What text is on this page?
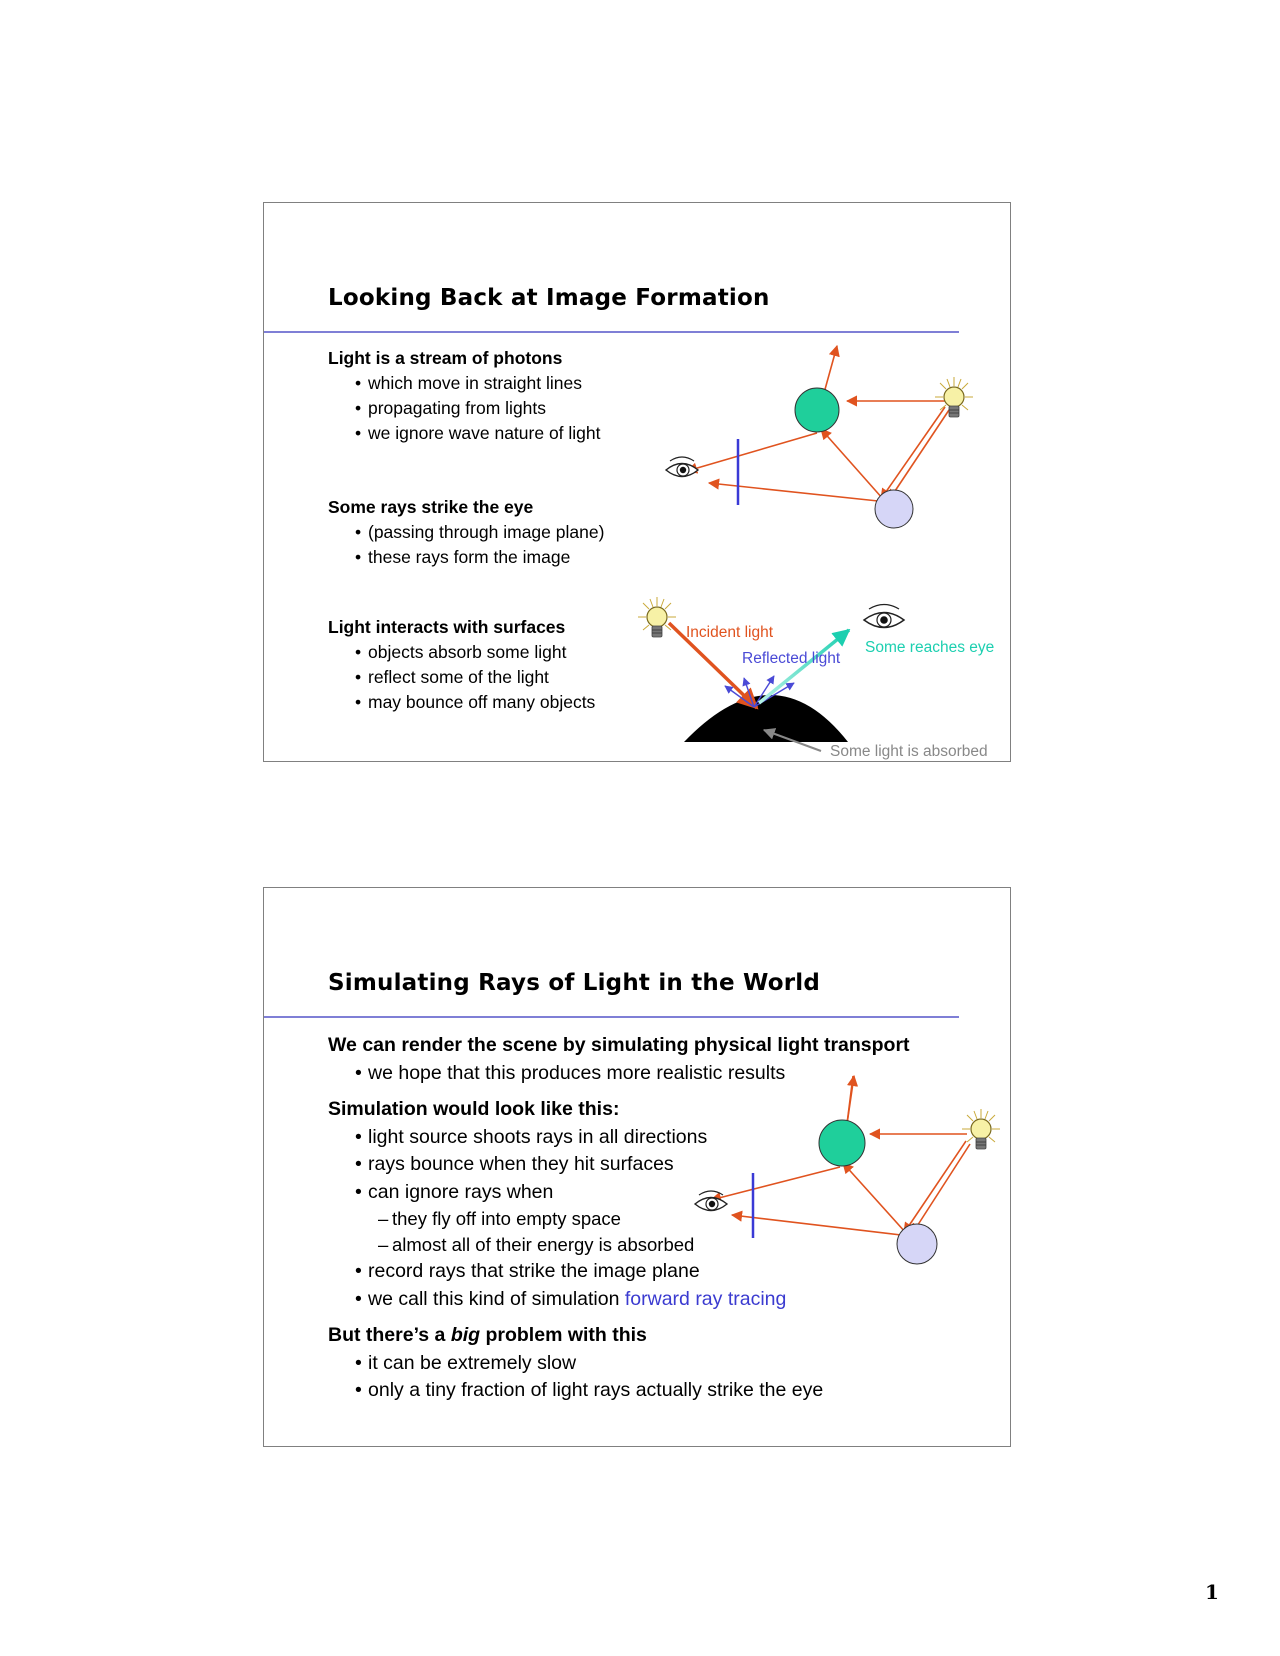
Looking Back at Image Formation
Light is a stream of photons
• which move in straight lines
• propagating from lights
• we ignore wave nature of light
Some rays strike the eye
• (passing through image plane)
• these rays form the image
Light interacts with surfaces
• objects absorb some light
• reflect some of the light
• may bounce off many objects
Incident light
Reflected light
Some reaches eye
Some light is absorbed
Simulating Rays of Light in the World
We can render the scene by simulating physical light transport
• we hope that this produces more realistic results
Simulation would look like this:
• light source shoots rays in all directions
• rays bounce when they hit surfaces
• can ignore rays when
– they fly off into empty space
– almost all of their energy is absorbed
• record rays that strike the image plane
• we call this kind of simulation forward ray tracing
But there’s a big problem with this
• it can be extremely slow
• only a tiny fraction of light rays actually strike the eye
1
